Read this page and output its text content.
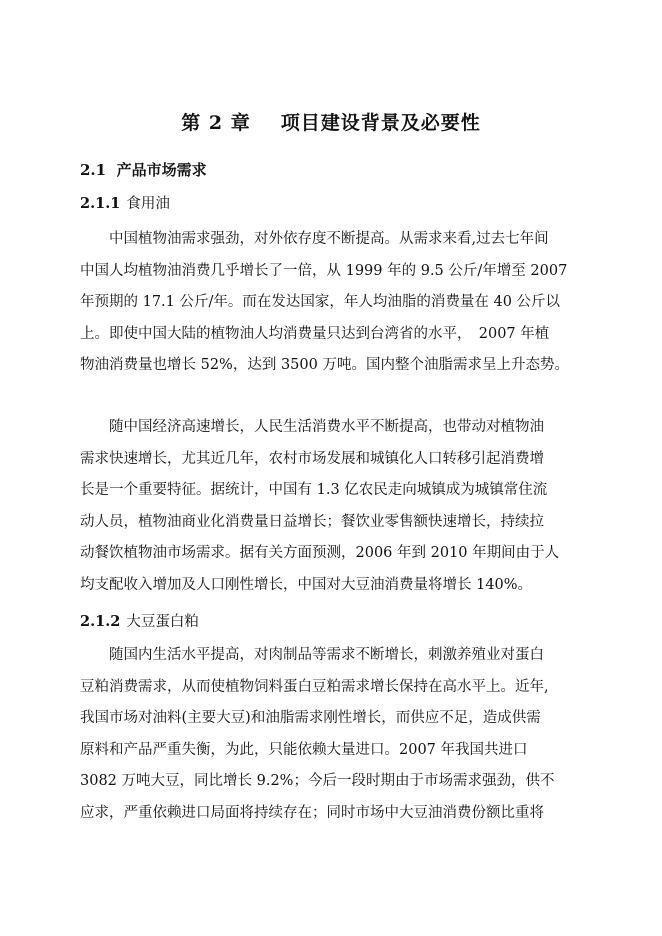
第 2 章 项目建设背景及必要性
2.1 产品市场需求
2.1.1 食用油
　　中国植物油需求强劲，对外依存度不断提高。从需求来看,过去七年间
中国人均植物油消费几乎增长了一倍，从 1999 年的 9.5 公斤/年增至 2007
年预期的 17.1 公斤/年。而在发达国家，年人均油脂的消费量在 40 公斤以
上。即使中国大陆的植物油人均消费量只达到台湾省的水平，　2007 年植
物油消费量也增长 52%，达到 3500 万吨。国内整个油脂需求呈上升态势。
　　随中国经济高速增长，人民生活消费水平不断提高，也带动对植物油
需求快速增长，尤其近几年，农村市场发展和城镇化人口转移引起消费增
长是一个重要特征。据统计，中国有 1.3 亿农民走向城镇成为城镇常住流
动人员，植物油商业化消费量日益增长；餐饮业零售额快速增长，持续拉
动餐饮植物油市场需求。据有关方面预测，2006 年到 2010 年期间由于人
均支配收入增加及人口刚性增长，中国对大豆油消费量将增长 140%。
2.1.2 大豆蛋白粕
　　随国内生活水平提高，对肉制品等需求不断增长，刺激养殖业对蛋白
豆粕消费需求，从而使植物饲料蛋白豆粕需求增长保持在高水平上。近年,
我国市场对油料(主要大豆)和油脂需求刚性增长，而供应不足，造成供需
原料和产品严重失衡，为此，只能依赖大量进口。2007 年我国共进口
3082 万吨大豆，同比增长 9.2%；今后一段时期由于市场需求强劲，供不
应求，严重依赖进口局面将持续存在；同时市场中大豆油消费份额比重将
